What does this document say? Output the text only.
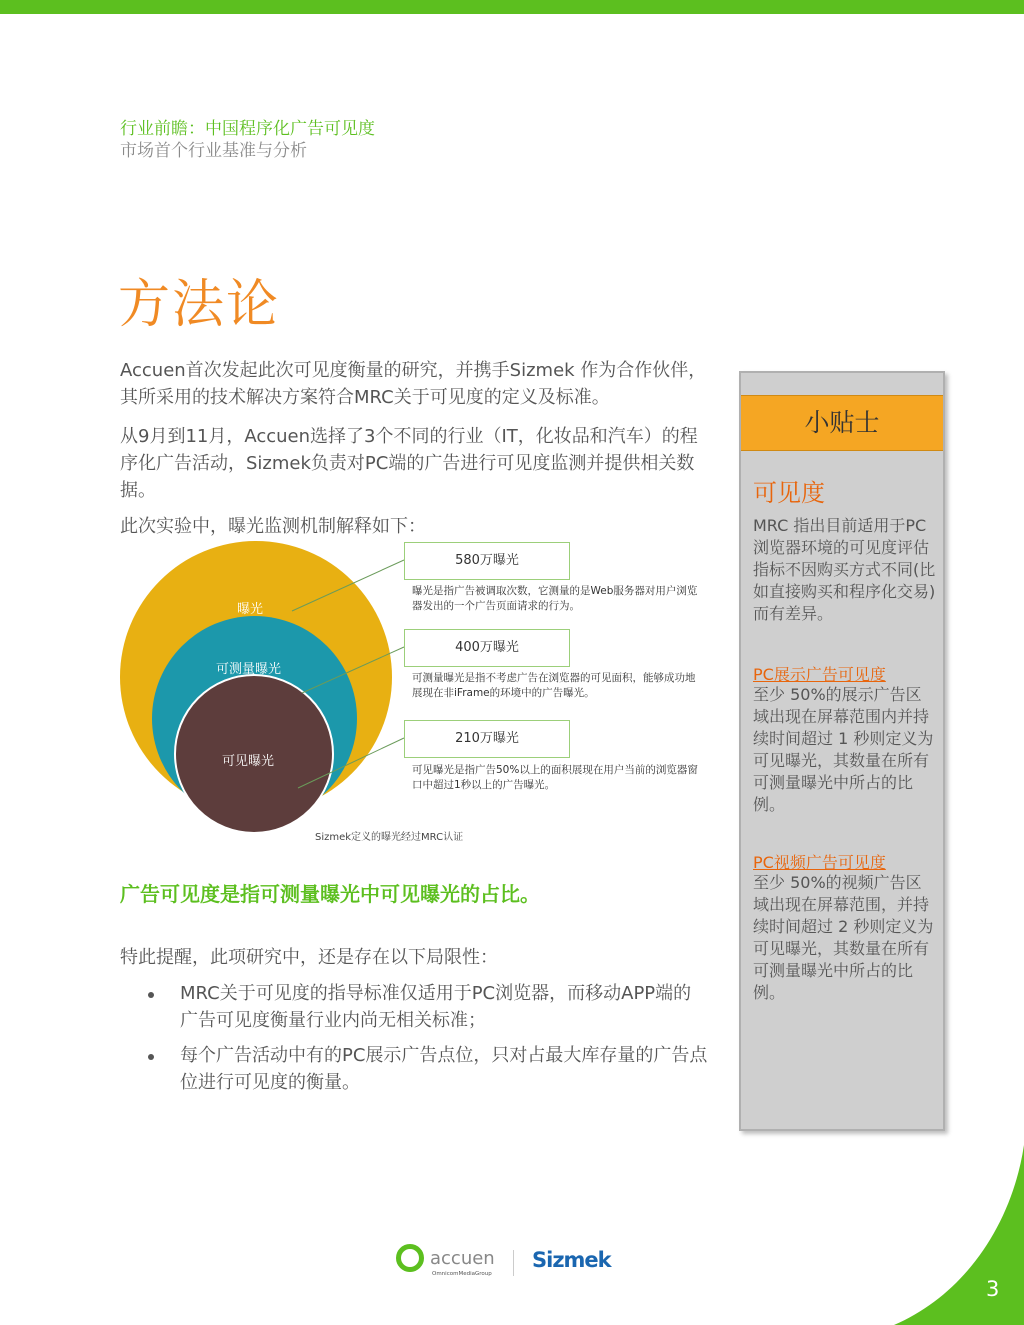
行业前瞻：中国程序化广告可见度
市场首个行业基准与分析
方法论
Accuen首次发起此次可见度衡量的研究，并携手Sizmek 作为合作伙伴，其所采用的技术解决方案符合MRC关于可见度的定义及标准。
从9月到11月，Accuen选择了3个不同的行业（IT，化妆品和汽车）的程序化广告活动，Sizmek负责对PC端的广告进行可见度监测并提供相关数据。
此次实验中，曝光监测机制解释如下：
曝光
可测量曝光
可见曝光
580万曝光
曝光是指广告被调取次数，它测量的是Web服务器对用户浏览器发出的一个广告页面请求的行为。
400万曝光
可测量曝光是指不考虑广告在浏览器的可见面积，能够成功地展现在非iFrame的环境中的广告曝光。
210万曝光
可见曝光是指广告50%以上的面积展现在用户当前的浏览器窗口中超过1秒以上的广告曝光。
Sizmek定义的曝光经过MRC认证
广告可见度是指可测量曝光中可见曝光的占比。
特此提醒，此项研究中，还是存在以下局限性：
MRC关于可见度的指导标准仅适用于PC浏览器，而移动APP端的广告可见度衡量行业内尚无相关标准；
每个广告活动中有的PC展示广告点位，只对占最大库存量的广告点位进行可见度的衡量。
小贴士
可见度
MRC 指出目前适用于PC浏览器环境的可见度评估指标不因购买方式不同(比如直接购买和程序化交易)而有差异。
PC展示广告可见度
至少 50%的展示广告区域出现在屏幕范围内并持续时间超过 1 秒则定义为可见曝光，其数量在所有可测量曝光中所占的比例。
PC视频广告可见度
至少 50%的视频广告区域出现在屏幕范围，并持续时间超过 2 秒则定义为可见曝光，其数量在所有可测量曝光中所占的比例。
accuen
OmnicomMediaGroup
Sizmek
3
